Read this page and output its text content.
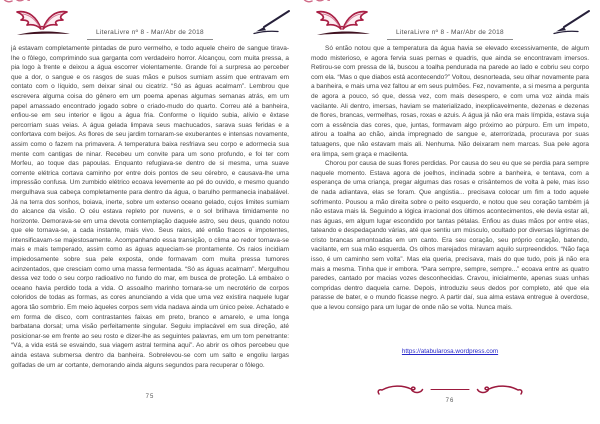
LiteraLivre nº 8 - Mar/Abr de 2018

já estavam completamente pintadas de puro vermelho, e todo aquele cheiro de sangue tirava-lhe o fôlego, comprimindo sua garganta com verdadeiro horror. Alcançou, com muita pressa, a pia logo à frente e deixou a água escorrer violentamente. Grande foi a surpresa ao perceber que a dor, o sangue e os rasgos de suas mãos e pulsos sumiam assim que entravam em contato com o líquido, sem deixar sinal ou cicatriz. “Só as águas acalmam”. Lembrou que escrevera alguma coisa do gênero em um poema apenas algumas semanas atrás, em um papel amassado encontrado jogado sobre o criado-mudo do quarto. Correu até a banheira, enfiou-se em seu interior e ligou a água fria. Conforme o líquido subia, alívio e êxtase percorriam suas veias. A água gelada limpava seus machucados, sarava suas feridas e a confortava com beijos. As flores de seu jardim tornaram-se exuberantes e intensas novamente, assim como o fazem na primavera. A temperatura baixa resfriava seu corpo e adormecia sua mente com cantigas de ninar. Recebeu um convite para um sono profundo, e foi ter com Morfeu, ao toque das papoulas. Enquanto refugiava-se dentro de si mesma, uma suave corrente elétrica cortava caminho por entre dois pontos de seu cérebro, e causava-lhe uma impressão confusa. Um zumbido elétrico ecoava levemente ao pé do ouvido, e mesmo quando mergulhava sua cabeça completamente para dentro da água, o barulho permanecia inabalável. Já na terra dos sonhos, boiava, inerte, sobre um extenso oceano gelado, cujos limites sumiam do alcance da visão. O céu estava repleto por nuvens, e o sol brilhava timidamente no horizonte. Demorava-se em uma devota contemplação daquele astro, seu deus, quando notou que ele tornava-se, a cada instante, mais vivo. Seus raios, até então fracos e impotentes, intensificavam-se majestosamente. Acompanhando essa transição, o clima ao redor tornava-se mais e mais temperado, assim como as águas aqueciam-se prontamente. Os raios incidiam impiedosamente sobre sua pele exposta, onde formavam com muita pressa tumores acinzentados, que cresciam como uma massa fermentada. “Só as águas acalmam”. Mergulhou dessa vez todo o seu corpo radioativo no fundo do mar, em busca de proteção. Lá embaixo o oceano havia perdido toda a vida. O assoalho marinho tornara-se um necrotério de corpos coloridos de todas as formas, as cores anunciando a vida que uma vez existira naquele lugar agora tão sombrio. Em meio àqueles corpos sem vida nadava ainda um único peixe. Achatado e em forma de disco, com contrastantes faixas em preto, branco e amarelo, e uma longa barbatana dorsal; uma visão perfeitamente singular. Seguiu implacável em sua direção, até posicionar-se em frente ao seu rosto e dizer-lhe as seguintes palavras, em um tom penetrante: “Vá, a vida está se esvaindo, sua viagem astral termina aqui”. Ao abrir os olhos percebeu que ainda estava submersa dentro da banheira. Sobrelevou-se com um salto e engoliu largas golfadas de um ar cortante, demorando ainda alguns segundos para recuperar o fôlego.

75
LiteraLivre nº 8 - Mar/Abr de 2018

Só então notou que a temperatura da água havia se elevado excessivamente, de algum modo misterioso, e agora fervia suas pernas e quadris, que ainda se encontravam imersos. Retirou-se com pressa de lá, buscou a toalha pendurada na parede ao lado e cobriu seu corpo com ela. “Mas o que diabos está acontecendo?” Voltou, desnorteada, seu olhar novamente para a banheira, e mais uma vez faltou ar em seus pulmões. Fez, novamente, a si mesma a pergunta de agora a pouco, só que, dessa vez, com mais desespero, e com uma voz ainda mais vacilante. Ali dentro, imersas, haviam se materializado, inexplicavelmente, dezenas e dezenas de flores, brancas, vermelhas, rosas, roxas e azuis. A água já não era mais límpida, estava suja com a essência das cores, que, juntas, formavam algo próximo ao púrpuro. Em um ímpeto, atirou a toalha ao chão, ainda impregnado de sangue e, aterrorizada, procurava por suas tatuagens, que não estavam mais ali. Nenhuma. Não deixaram nem marcas. Sua pele agora era limpa, sem graça e macilenta.

Chorou por causa de suas flores perdidas. Por causa do seu eu que se perdia para sempre naquele momento. Estava agora de joelhos, inclinada sobre a banheira, e tentava, com a esperança de uma criança, pregar algumas das rosas e crisântemos de volta à pele, mas isso de nada adiantava, elas se foram. Que angústia... precisava colocar um fim a todo aquele sofrimento. Pousou a mão direita sobre o peito esquerdo, e notou que seu coração também já não estava mais lá. Seguindo a lógica irracional dos últimos acontecimentos, ele devia estar ali, nas águas, em algum lugar escondido por tantas pétalas. Enfiou as duas mãos por entre elas, tateando e despedaçando várias, até que sentiu um músculo, ocultado por diversas lágrimas de cristo brancas amontoadas em um canto. Era seu coração, seu próprio coração, batendo, vacilante, em sua mão esquerda. Os olhos marejados miravam aquilo surpreendidos. “Não faça isso, é um caminho sem volta”. Mas ela queria, precisava, mais do que tudo, pois já não era mais a mesma. Tinha que ir embora. “Para sempre, sempre, sempre...” ecoava entre as quatro paredes, cantado por macias vozes desconhecidas. Cravou, inicialmente, apenas suas unhas compridas dentro daquela carne. Depois, introduziu seus dedos por completo, até que ela parasse de bater, e o mundo ficasse negro. A partir daí, sua alma estava entregue à overdose, que a levou consigo para um lugar de onde não se volta. Nunca mais.

https://atabularosa.wordpress.com
76
